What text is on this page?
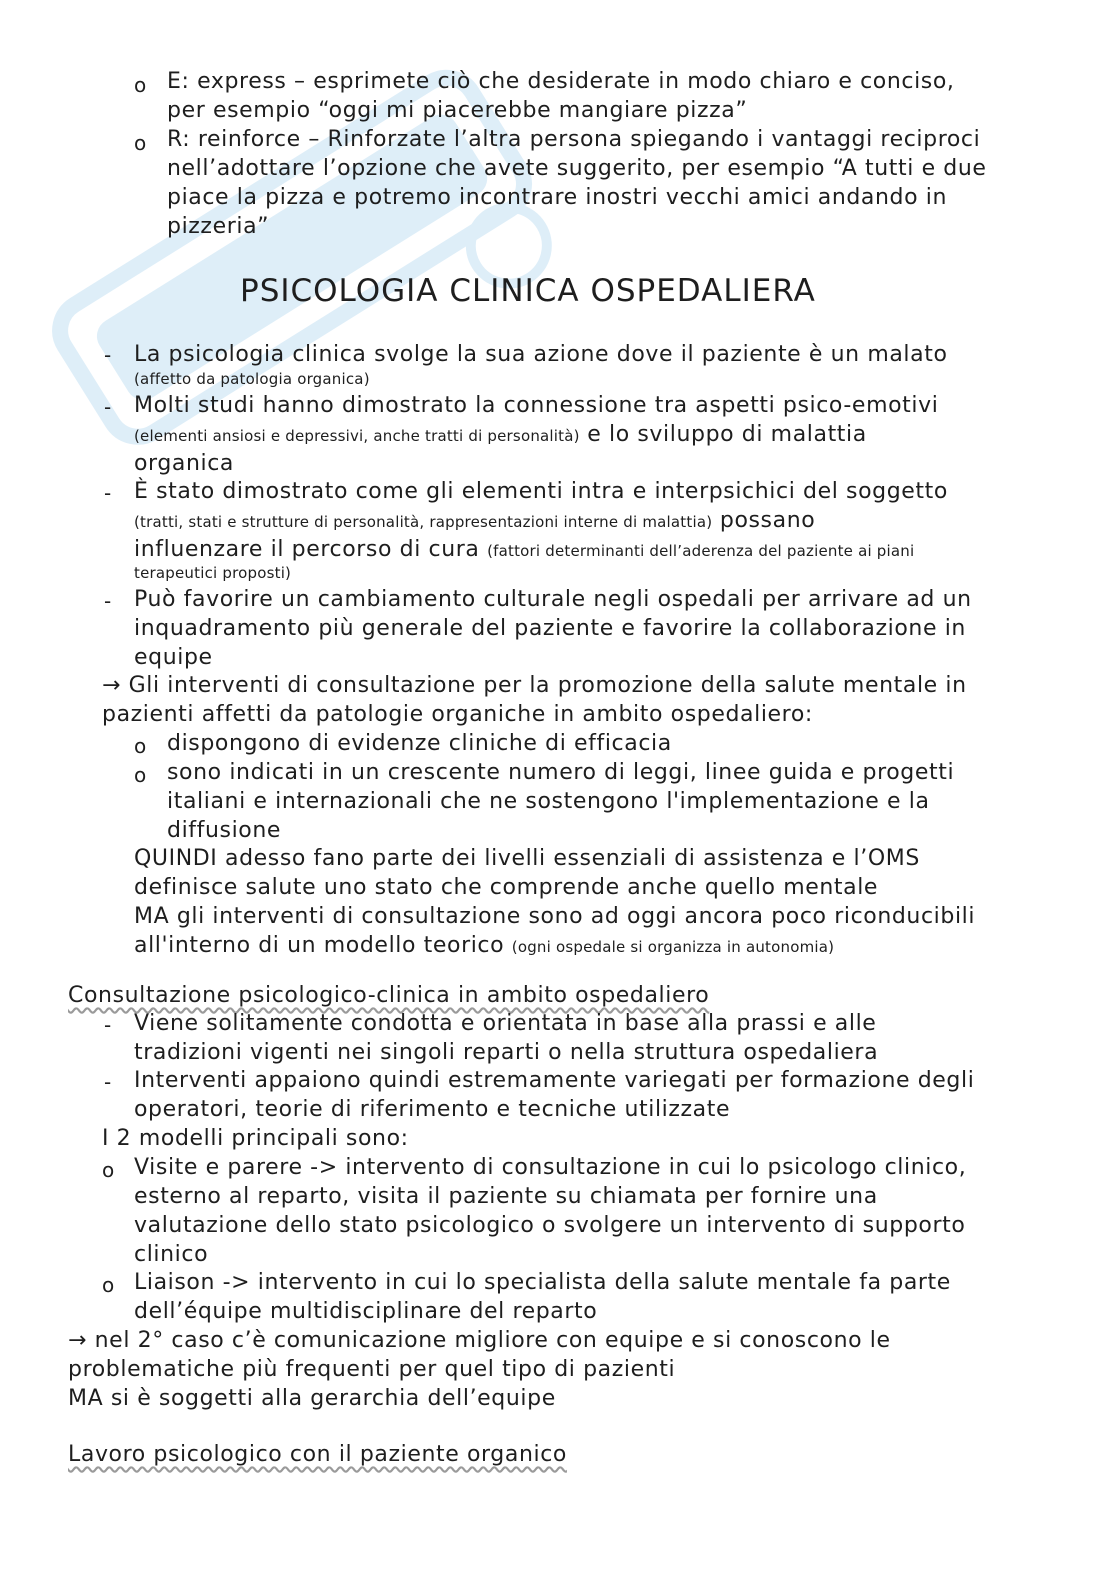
o E: express – esprimete ciò che desiderate in modo chiaro e conciso,
per esempio “oggi mi piacerebbe mangiare pizza”
o R: reinforce – Rinforzate l’altra persona spiegando i vantaggi reciproci
nell’adottare l’opzione che avete suggerito, per esempio “A tutti e due
piace la pizza e potremo incontrare inostri vecchi amici andando in
pizzeria”
PSICOLOGIA CLINICA OSPEDALIERA
- La psicologia clinica svolge la sua azione dove il paziente è un malato
(affetto da patologia organica)
- Molti studi hanno dimostrato la connessione tra aspetti psico-emotivi
(elementi ansiosi e depressivi, anche tratti di personalità) e lo sviluppo di malattia
organica
- È stato dimostrato come gli elementi intra e interpsichici del soggetto
(tratti, stati e strutture di personalità, rappresentazioni interne di malattia) possano
influenzare il percorso di cura (fattori determinanti dell’aderenza del paziente ai piani
terapeutici proposti)
- Può favorire un cambiamento culturale negli ospedali per arrivare ad un
inquadramento più generale del paziente e favorire la collaborazione in
equipe
→ Gli interventi di consultazione per la promozione della salute mentale in
pazienti affetti da patologie organiche in ambito ospedaliero:
o dispongono di evidenze cliniche di efficacia
o sono indicati in un crescente numero di leggi, linee guida e progetti
italiani e internazionali che ne sostengono l'implementazione e la
diffusione
QUINDI adesso fano parte dei livelli essenziali di assistenza e l’OMS
definisce salute uno stato che comprende anche quello mentale
MA gli interventi di consultazione sono ad oggi ancora poco riconducibili
all'interno di un modello teorico (ogni ospedale si organizza in autonomia)
Consultazione psicologico-clinica in ambito ospedaliero
- Viene solitamente condotta e orientata in base alla prassi e alle
tradizioni vigenti nei singoli reparti o nella struttura ospedaliera
- Interventi appaiono quindi estremamente variegati per formazione degli
operatori, teorie di riferimento e tecniche utilizzate
I 2 modelli principali sono:
o Visite e parere -> intervento di consultazione in cui lo psicologo clinico,
esterno al reparto, visita il paziente su chiamata per fornire una
valutazione dello stato psicologico o svolgere un intervento di supporto
clinico
o Liaison -> intervento in cui lo specialista della salute mentale fa parte
dell’équipe multidisciplinare del reparto
→ nel 2° caso c’è comunicazione migliore con equipe e si conoscono le
problematiche più frequenti per quel tipo di pazienti
MA si è soggetti alla gerarchia dell’equipe
Lavoro psicologico con il paziente organico
